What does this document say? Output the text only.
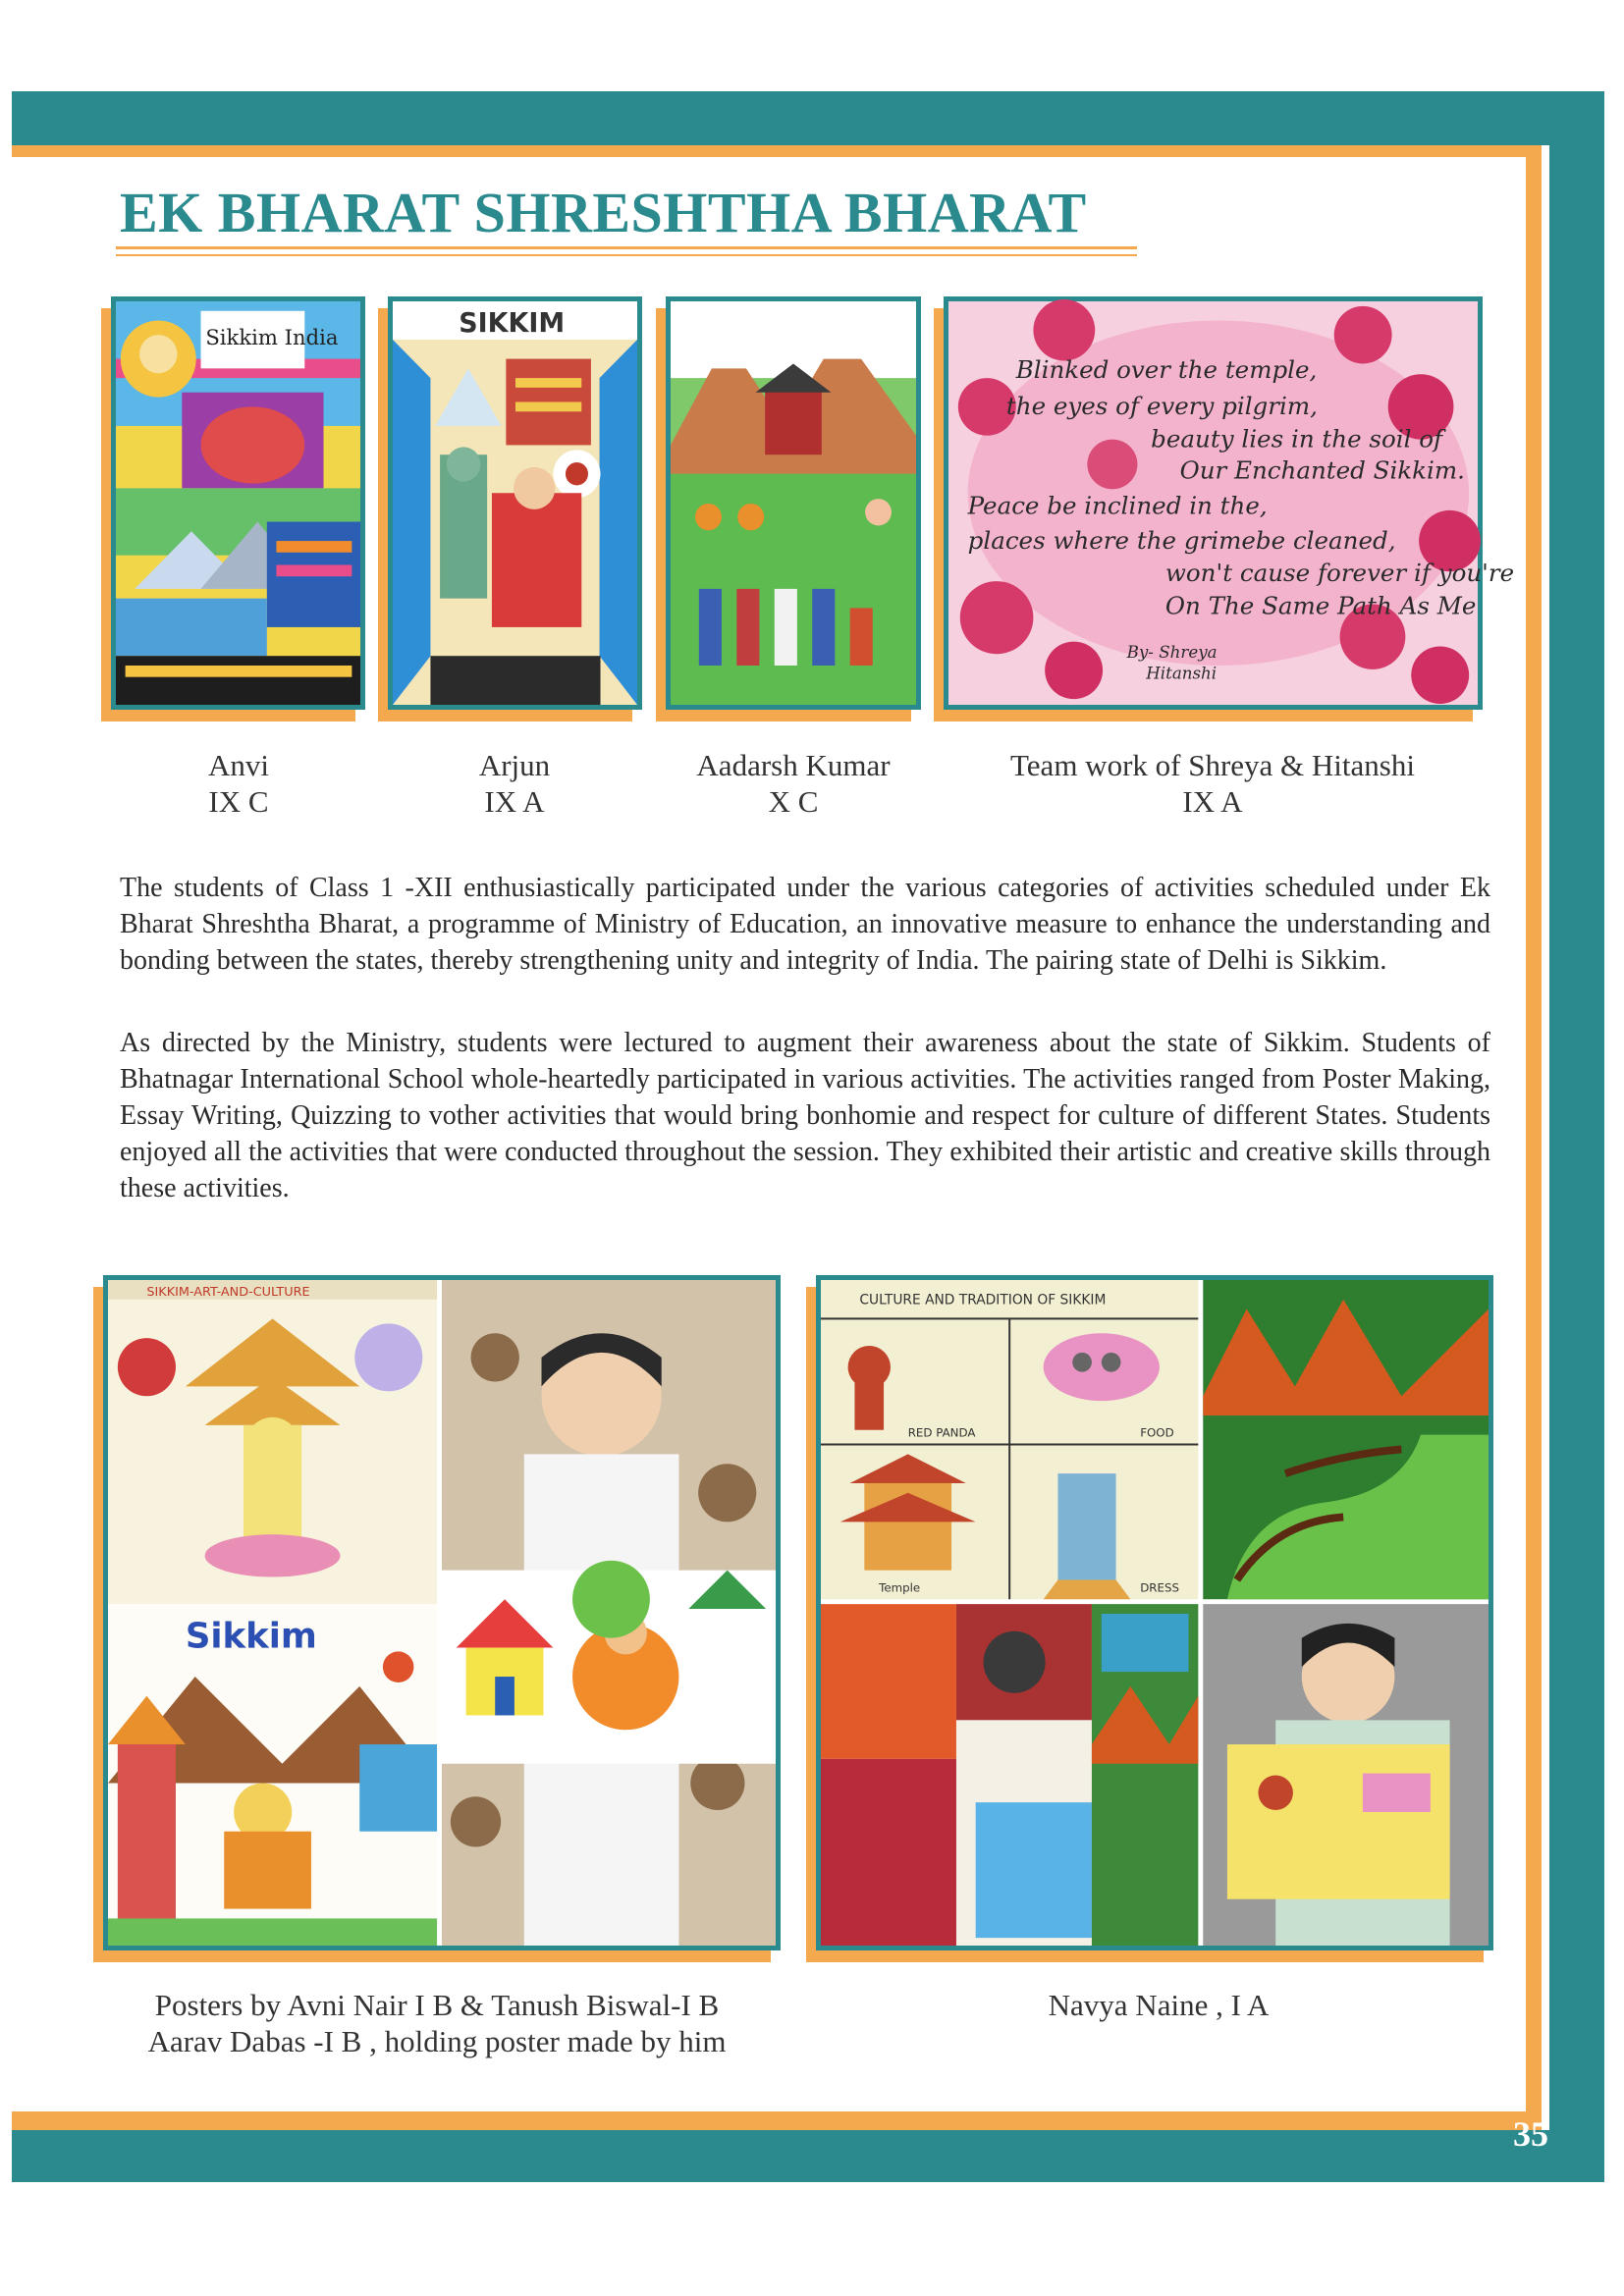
EK BHARAT SHRESHTHA BHARAT
Sikkim India	SIKKIM
Blinked over the temple,
the eyes of every pilgrim,
beauty lies in the soil of
Our Enchanted Sikkim.
Peace be inclined in the,
places where the grimebe cleaned,
won't cause forever if you're
On The Same Path As Me
By- Shreya
Hitanshi
Anvi
IX C
Arjun
IX A
Aadarsh Kumar
X C
Team work of Shreya & Hitanshi
IX A

The students of Class 1 -XII enthusiastically participated under the various categories of activities scheduled under Ek Bharat Shreshtha Bharat, a programme of Ministry of Education, an innovative measure to enhance the understanding and bonding between the states, thereby strengthening unity and integrity of India. The pairing state of Delhi is Sikkim.

As directed by the Ministry, students were lectured to augment their awareness about the state of Sikkim. Students of Bhatnagar International School whole-heartedly participated in various activities. The activities ranged from Poster Making, Essay Writing, Quizzing to vother activities that would bring bonhomie and respect for culture of different States. Students enjoyed all the activities that were conducted throughout the session. They exhibited their artistic and creative skills through these activities.

SIKKIM-ART-AND-CULTURE
Sikkim
CULTURE AND TRADITION OF SIKKIM
RED PANDA	FOOD
Temple	DRESS
Posters by Avni Nair I B & Tanush Biswal-I B
Aarav Dabas -I B , holding poster made by him
Navya Naine , I A
35
